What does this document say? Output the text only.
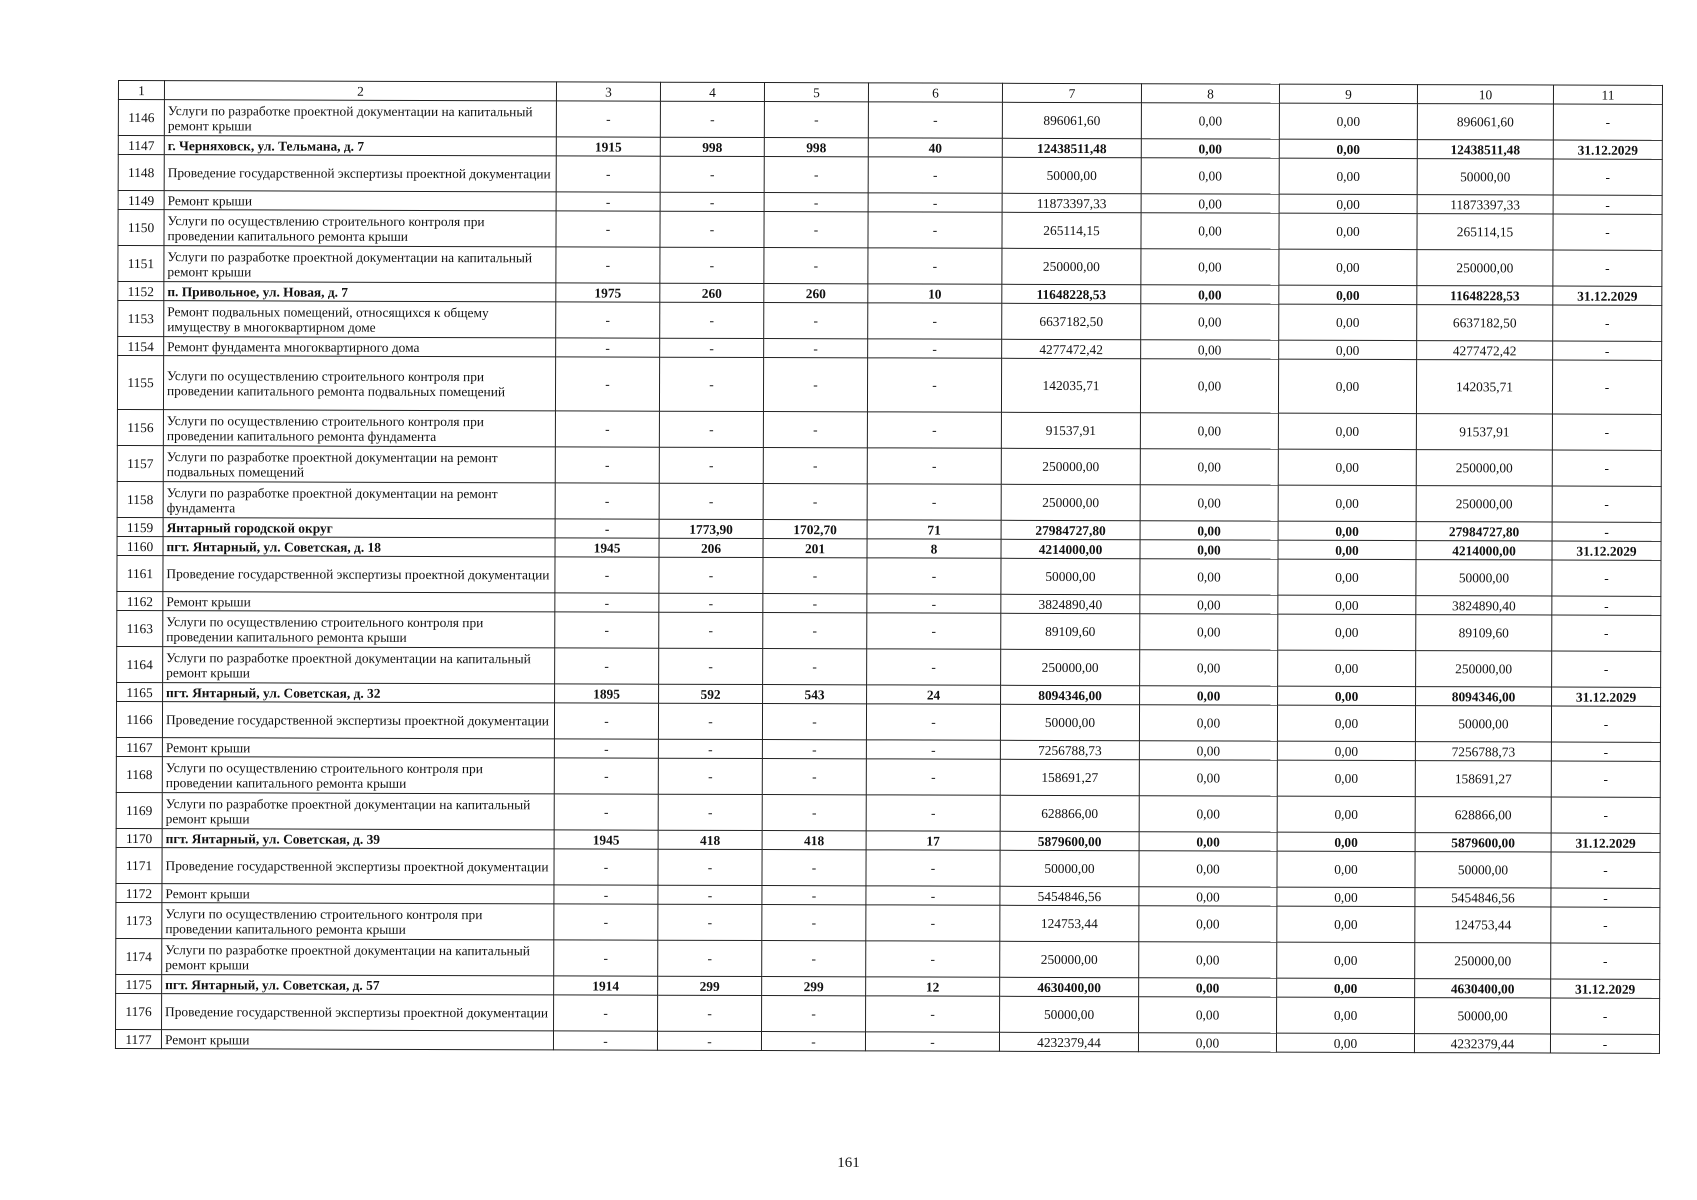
1	2	3	4	5	6	7	8	9	10	11
1146	Услуги по разработке проектной документации на капитальный ремонт крыши	-	-	-	-	896061,60	0,00	0,00	896061,60	-
1147	г. Черняховск, ул. Тельмана, д. 7	1915	998	998	40	12438511,48	0,00	0,00	12438511,48	31.12.2029
1148	Проведение государственной экспертизы проектной документации	-	-	-	-	50000,00	0,00	0,00	50000,00	-
1149	Ремонт крыши	-	-	-	-	11873397,33	0,00	0,00	11873397,33	-
1150	Услуги по осуществлению строительного контроля при проведении капитального ремонта крыши	-	-	-	-	265114,15	0,00	0,00	265114,15	-
1151	Услуги по разработке проектной документации на капитальный ремонт крыши	-	-	-	-	250000,00	0,00	0,00	250000,00	-
1152	п. Привольное, ул. Новая, д. 7	1975	260	260	10	11648228,53	0,00	0,00	11648228,53	31.12.2029
1153	Ремонт подвальных помещений, относящихся к общему имуществу в многоквартирном доме	-	-	-	-	6637182,50	0,00	0,00	6637182,50	-
1154	Ремонт фундамента многоквартирного дома	-	-	-	-	4277472,42	0,00	0,00	4277472,42	-
1155	Услуги по осуществлению строительного контроля при проведении капитального ремонта подвальных помещений	-	-	-	-	142035,71	0,00	0,00	142035,71	-
1156	Услуги по осуществлению строительного контроля при проведении капитального ремонта фундамента	-	-	-	-	91537,91	0,00	0,00	91537,91	-
1157	Услуги по разработке проектной документации на ремонт подвальных помещений	-	-	-	-	250000,00	0,00	0,00	250000,00	-
1158	Услуги по разработке проектной документации на ремонт фундамента	-	-	-	-	250000,00	0,00	0,00	250000,00	-
1159	Янтарный городской округ	-	1773,90	1702,70	71	27984727,80	0,00	0,00	27984727,80	-
1160	пгт. Янтарный, ул. Советская, д. 18	1945	206	201	8	4214000,00	0,00	0,00	4214000,00	31.12.2029
1161	Проведение государственной экспертизы проектной документации	-	-	-	-	50000,00	0,00	0,00	50000,00	-
1162	Ремонт крыши	-	-	-	-	3824890,40	0,00	0,00	3824890,40	-
1163	Услуги по осуществлению строительного контроля при проведении капитального ремонта крыши	-	-	-	-	89109,60	0,00	0,00	89109,60	-
1164	Услуги по разработке проектной документации на капитальный ремонт крыши	-	-	-	-	250000,00	0,00	0,00	250000,00	-
1165	пгт. Янтарный, ул. Советская, д. 32	1895	592	543	24	8094346,00	0,00	0,00	8094346,00	31.12.2029
1166	Проведение государственной экспертизы проектной документации	-	-	-	-	50000,00	0,00	0,00	50000,00	-
1167	Ремонт крыши	-	-	-	-	7256788,73	0,00	0,00	7256788,73	-
1168	Услуги по осуществлению строительного контроля при проведении капитального ремонта крыши	-	-	-	-	158691,27	0,00	0,00	158691,27	-
1169	Услуги по разработке проектной документации на капитальный ремонт крыши	-	-	-	-	628866,00	0,00	0,00	628866,00	-
1170	пгт. Янтарный, ул. Советская, д. 39	1945	418	418	17	5879600,00	0,00	0,00	5879600,00	31.12.2029
1171	Проведение государственной экспертизы проектной документации	-	-	-	-	50000,00	0,00	0,00	50000,00	-
1172	Ремонт крыши	-	-	-	-	5454846,56	0,00	0,00	5454846,56	-
1173	Услуги по осуществлению строительного контроля при проведении капитального ремонта крыши	-	-	-	-	124753,44	0,00	0,00	124753,44	-
1174	Услуги по разработке проектной документации на капитальный ремонт крыши	-	-	-	-	250000,00	0,00	0,00	250000,00	-
1175	пгт. Янтарный, ул. Советская, д. 57	1914	299	299	12	4630400,00	0,00	0,00	4630400,00	31.12.2029
1176	Проведение государственной экспертизы проектной документации	-	-	-	-	50000,00	0,00	0,00	50000,00	-
1177	Ремонт крыши	-	-	-	-	4232379,44	0,00	0,00	4232379,44	-
161
